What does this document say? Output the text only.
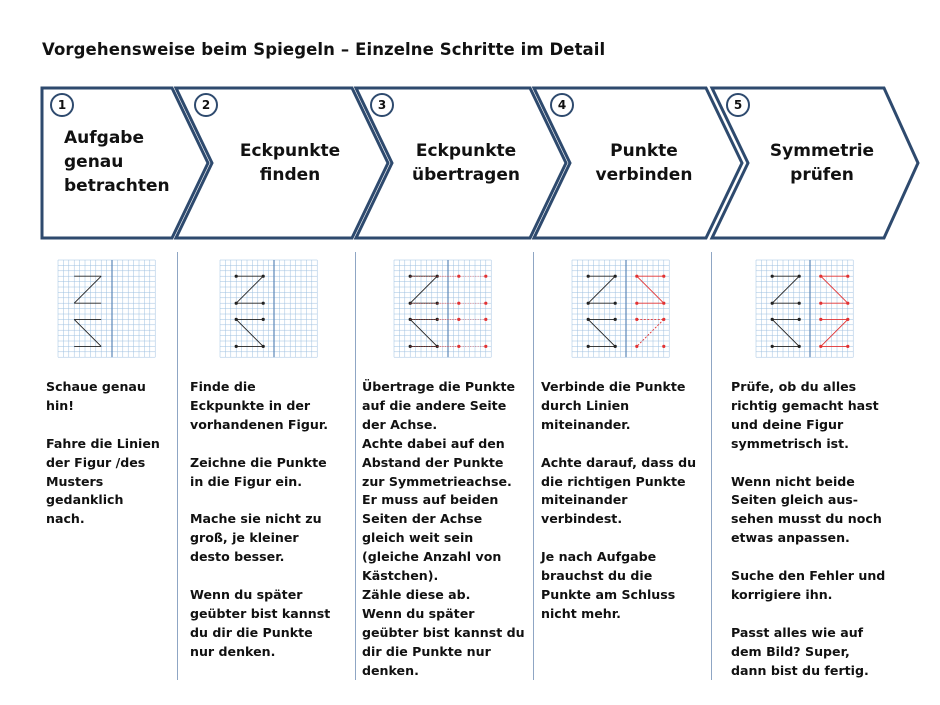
Vorgehensweise beim Spiegeln – Einzelne Schritte im Detail
1	2	3	4	5
Aufgabe
genau
betrachten
Eckpunkte
finden
Eckpunkte
übertragen
Punkte
verbinden
Symmetrie
prüfen
Schaue genau
hin!

Fahre die Linien
der Figur /des
Musters
gedanklich
nach.
Finde die
Eckpunkte in der
vorhandenen Figur.

Zeichne die Punkte
in die Figur ein.

Mache sie nicht zu
groß, je kleiner
desto besser.

Wenn du später
geübter bist kannst
du dir die Punkte
nur denken.
Übertrage die Punkte
auf die andere Seite
der Achse.
Achte dabei auf den
Abstand der Punkte
zur Symmetrieachse.
Er muss auf beiden
Seiten der Achse
gleich weit sein
(gleiche Anzahl von
Kästchen).
Zähle diese ab.
Wenn du später
geübter bist kannst du
dir die Punkte nur
denken.
Verbinde die Punkte
durch Linien
miteinander.

Achte darauf, dass du
die richtigen Punkte
miteinander
verbindest.

Je nach Aufgabe
brauchst du die
Punkte am Schluss
nicht mehr.
Prüfe, ob du alles
richtig gemacht hast
und deine Figur
symmetrisch ist.

Wenn nicht beide
Seiten gleich aus-
sehen musst du noch
etwas anpassen.

Suche den Fehler und
korrigiere ihn.

Passt alles wie auf
dem Bild? Super,
dann bist du fertig.
